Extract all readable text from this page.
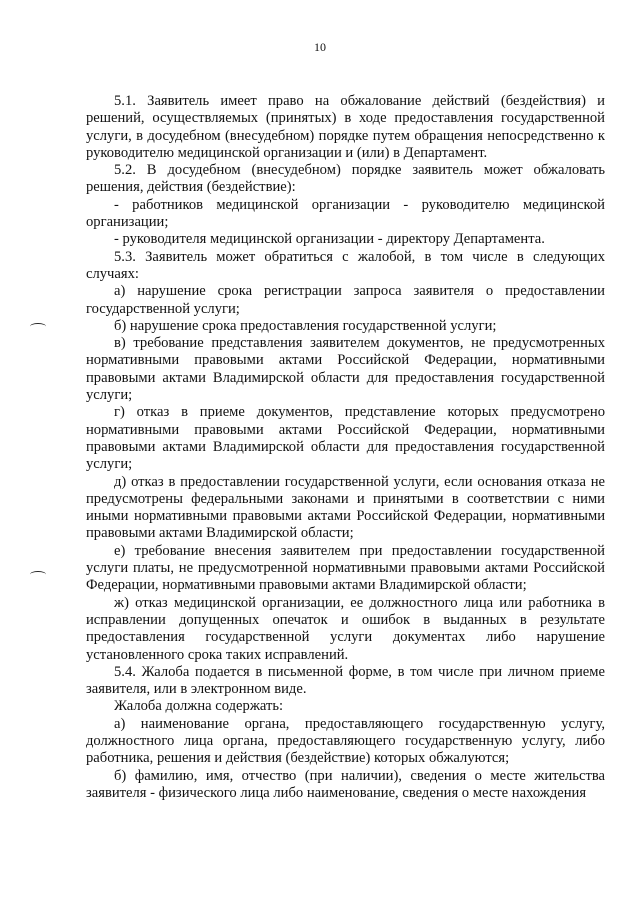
10

5.1. Заявитель имеет право на обжалование действий (бездействия) и решений, осуществляемых (принятых) в ходе предоставления государственной услуги, в досудебном (внесудебном) порядке путем обращения непосредственно к руководителю медицинской организации и (или) в Департамент.

5.2. В досудебном (внесудебном) порядке заявитель может обжаловать решения, действия (бездействие):

- работников медицинской организации - руководителю медицинской организации;

- руководителя медицинской организации - директору Департамента.

5.3. Заявитель может обратиться с жалобой, в том числе в следующих случаях:

а) нарушение срока регистрации запроса заявителя о предоставлении государственной услуги;

б) нарушение срока предоставления государственной услуги;

в) требование представления заявителем документов, не предусмотренных нормативными правовыми актами Российской Федерации, нормативными правовыми актами Владимирской области для предоставления государственной услуги;

г) отказ в приеме документов, представление которых предусмотрено нормативными правовыми актами Российской Федерации, нормативными правовыми актами Владимирской области для предоставления государственной услуги;

д) отказ в предоставлении государственной услуги, если основания отказа не предусмотрены федеральными законами и принятыми в соответствии с ними иными нормативными правовыми актами Российской Федерации, нормативными правовыми актами Владимирской области;

е) требование внесения заявителем при предоставлении государственной услуги платы, не предусмотренной нормативными правовыми актами Российской Федерации, нормативными правовыми актами Владимирской области;

ж) отказ медицинской организации, ее должностного лица или работника в исправлении допущенных опечаток и ошибок в выданных в результате предоставления государственной услуги документах либо нарушение установленного срока таких исправлений.

5.4. Жалоба подается в письменной форме, в том числе при личном приеме заявителя, или в электронном виде.

Жалоба должна содержать:

а) наименование органа, предоставляющего государственную услугу, должностного лица органа, предоставляющего государственную услугу, либо работника, решения и действия (бездействие) которых обжалуются;

б) фамилию, имя, отчество (при наличии), сведения о месте жительства заявителя - физического лица либо наименование, сведения о месте нахождения
